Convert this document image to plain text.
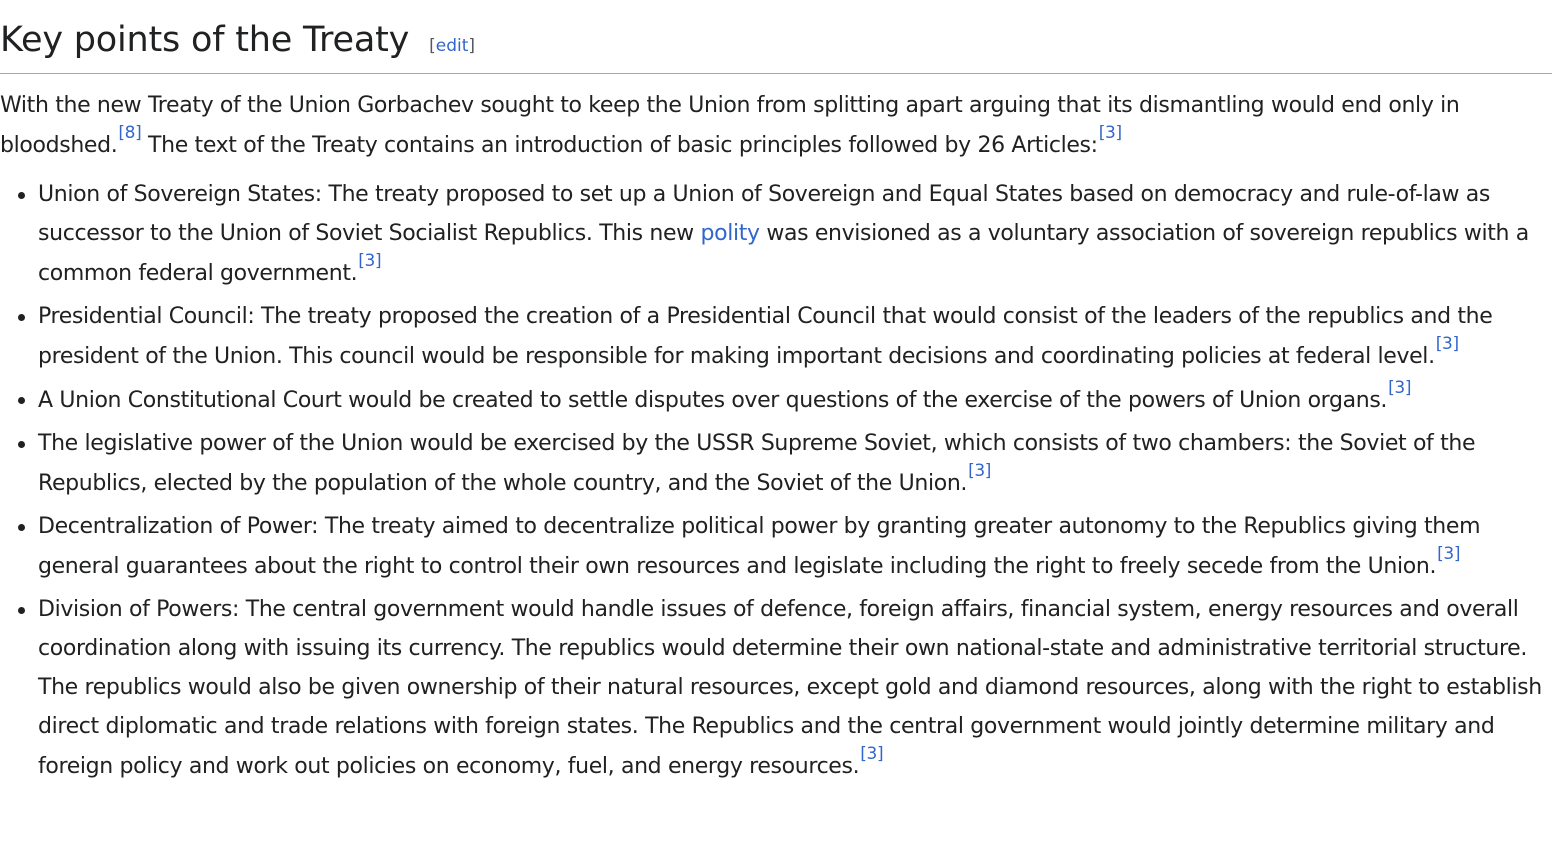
Key points of the Treaty [edit]

With the new Treaty of the Union Gorbachev sought to keep the Union from splitting apart arguing that its dismantling would end only in bloodshed.[8] The text of the Treaty contains an introduction of basic principles followed by 26 Articles:[3]

Union of Sovereign States: The treaty proposed to set up a Union of Sovereign and Equal States based on democracy and rule-of-law as successor to the Union of Soviet Socialist Republics. This new polity was envisioned as a voluntary association of sovereign republics with a common federal government.[3]
Presidential Council: The treaty proposed the creation of a Presidential Council that would consist of the leaders of the republics and the president of the Union. This council would be responsible for making important decisions and coordinating policies at federal level.[3]
A Union Constitutional Court would be created to settle disputes over questions of the exercise of the powers of Union organs.[3]
The legislative power of the Union would be exercised by the USSR Supreme Soviet, which consists of two chambers: the Soviet of the Republics, elected by the population of the whole country, and the Soviet of the Union.[3]
Decentralization of Power: The treaty aimed to decentralize political power by granting greater autonomy to the Republics giving them general guarantees about the right to control their own resources and legislate including the right to freely secede from the Union.[3]
Division of Powers: The central government would handle issues of defence, foreign affairs, financial system, energy resources and overall coordination along with issuing its currency. The republics would determine their own national-state and administrative territorial structure. The republics would also be given ownership of their natural resources, except gold and diamond resources, along with the right to establish direct diplomatic and trade relations with foreign states. The Republics and the central government would jointly determine military and foreign policy and work out policies on economy, fuel, and energy resources.[3]
